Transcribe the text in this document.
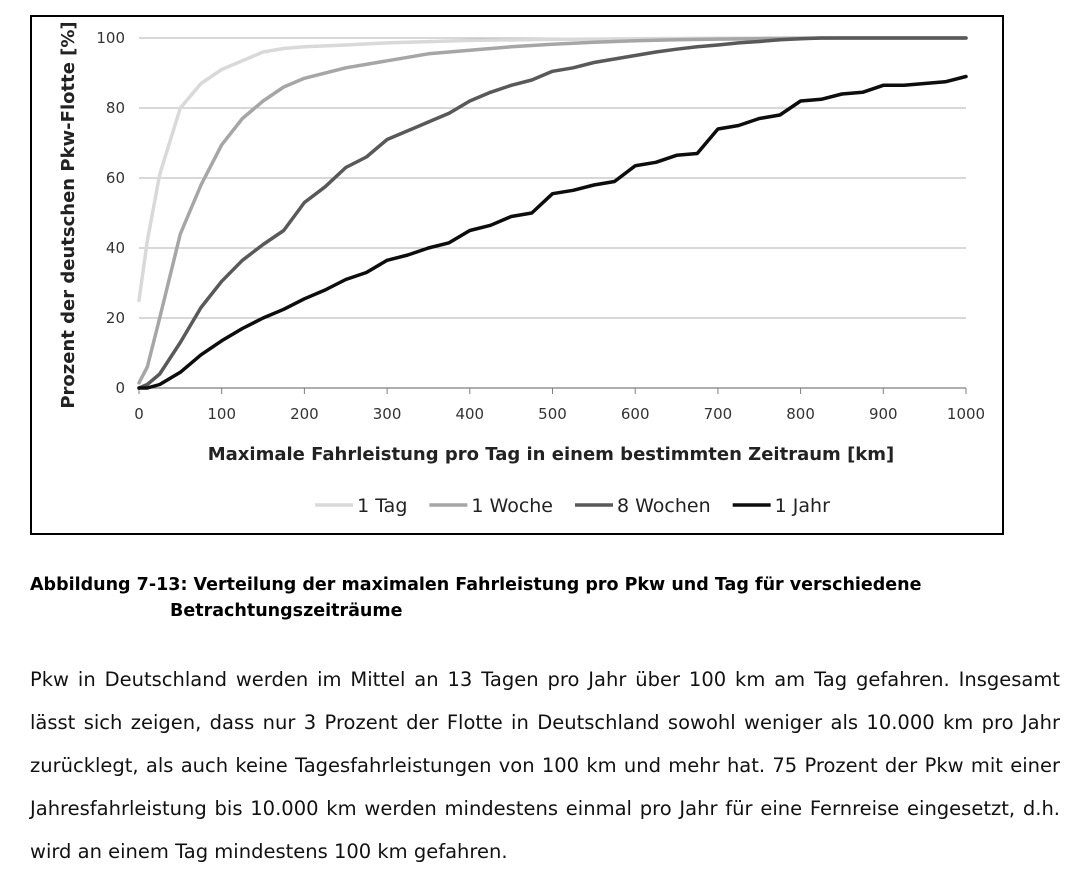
0
20
40
60
80
100
0	100	200	300	400	500	600	700	800	900	1000
Prozent der deutschen Pkw-Flotte [%]
Maximale Fahrleistung pro Tag in einem bestimmten Zeitraum [km]
1 Tag	1 Woche	8 Wochen	1 Jahr
Abbildung 7-13: Verteilung der maximalen Fahrleistung pro Pkw und Tag für verschiedene
Betrachtungszeiträume

Pkw in Deutschland werden im Mittel an 13 Tagen pro Jahr über 100 km am Tag gefahren. Insgesamt lässt sich zeigen, dass nur 3 Prozent der Flotte in Deutschland sowohl weniger als 10.000 km pro Jahr zurücklegt, als auch keine Tagesfahrleistungen von 100 km und mehr hat. 75 Prozent der Pkw mit einer Jahresfahrleistung bis 10.000 km werden mindestens einmal pro Jahr für eine Fernreise eingesetzt, d.h. wird an einem Tag mindestens 100 km gefahren.
